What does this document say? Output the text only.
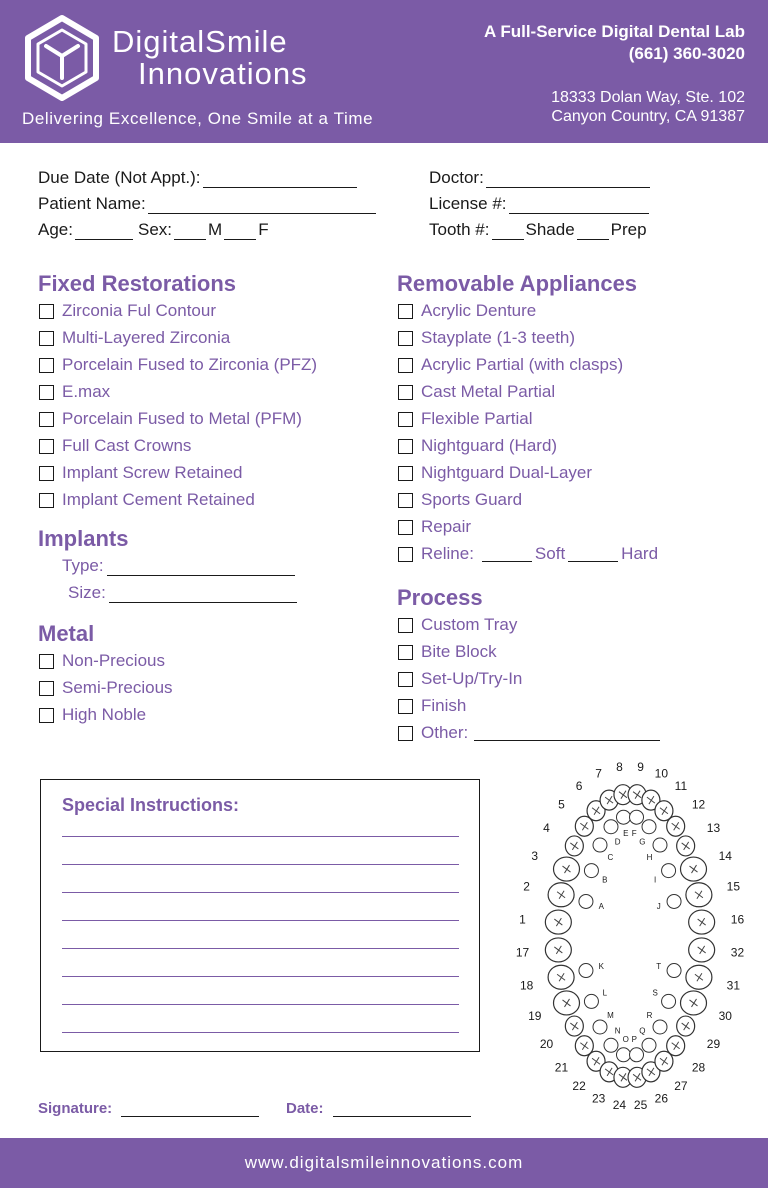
DigitalSmile
Innovations
Delivering Excellence, One Smile at a Time
A Full-Service Digital Dental Lab
(661) 360-3020
18333 Dolan Way, Ste. 102
Canyon Country, CA 91387
Due Date (Not Appt.):
Patient Name:
Age:	Sex: M F
Doctor:
License #:
Tooth #: Shade Prep
Fixed Restorations
Zirconia Ful Contour
Multi-Layered Zirconia
Porcelain Fused to Zirconia (PFZ)
E.max
Porcelain Fused to Metal (PFM)
Full Cast Crowns
Implant Screw Retained
Implant Cement Retained
Implants
Type:
Size:
Metal
Non-Precious
Semi-Precious
High Noble
Removable Appliances
Acrylic Denture
Stayplate (1-3 teeth)
Acrylic Partial (with clasps)
Cast Metal Partial
Flexible Partial
Nightguard (Hard)
Nightguard Dual-Layer
Sports Guard
Repair
Reline:	Soft	Hard
Process
Custom Tray
Bite Block
Set-Up/Try-In
Finish
Other:
Special Instructions:
1
2
3
4
5
6
7 8 9 10
11
12
13
14
15
16
17
18
19
20
21
22
23 24 25 26
27
28
29
30
31
32
A
B
C
D
E F
G
H
I
J
K
L
M
N
O P
Q
R
S
T
Signature:	Date:
www.digitalsmileinnovations.com
